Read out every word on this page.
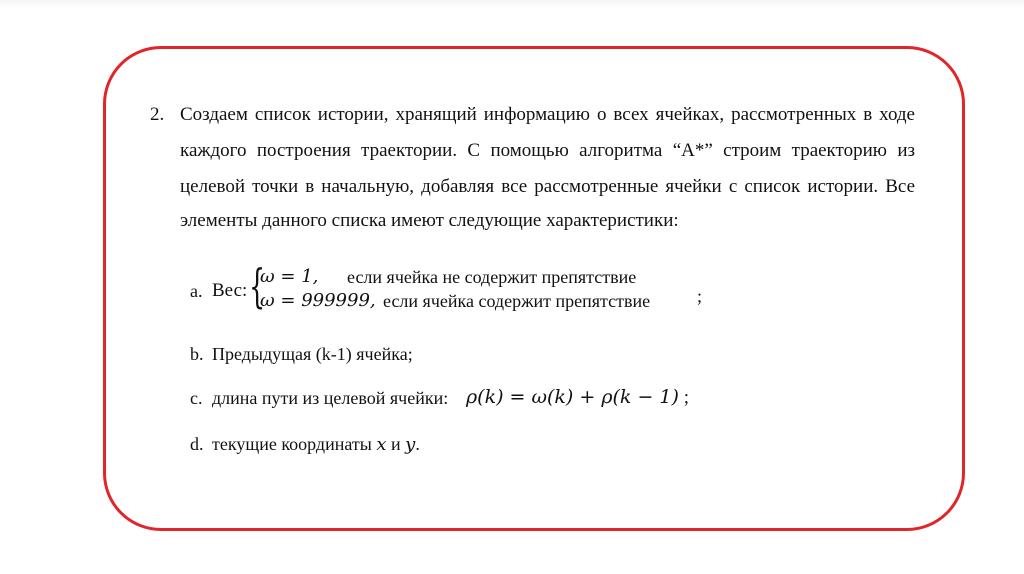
2. Создаем список истории, хранящий информацию о всех ячейках, рассмотренных в ходе
каждого построения траектории. С помощью алгоритма “A*” строим траекторию из
целевой точки в начальную, добавляя все рассмотренные ячейки с список истории. Все
элементы данного списка имеют следующие характеристики:
a. Вес: {
ω = 1, если ячейка не содержит препятствие
ω = 999999, если ячейка содержит препятствие	;
b. Предыдущая (k-1) ячейка;
c. длина пути из целевой ячейки: ρ(k) = ω(k) + ρ(k − 1) ;
d. текущие координаты x и y.
